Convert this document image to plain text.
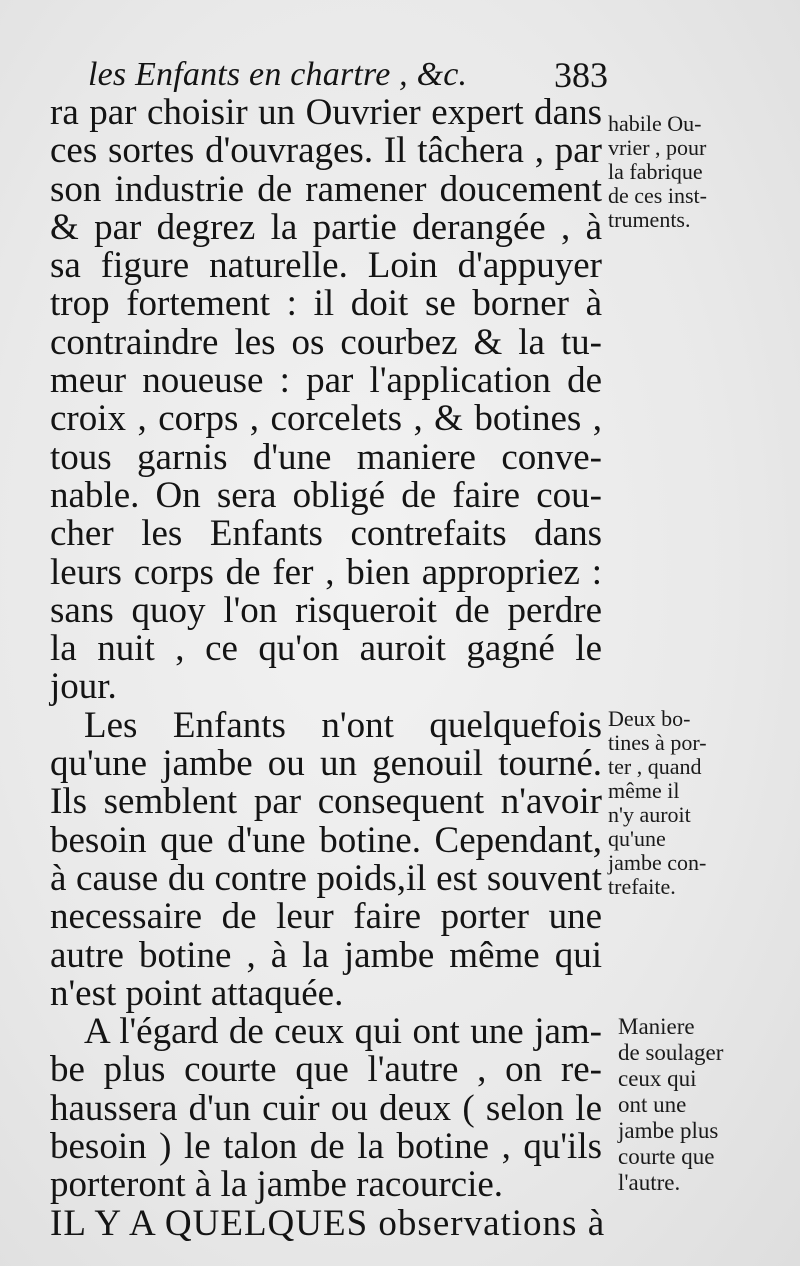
les Enfants en chartre , &c. 383
ra par choisir un Ouvrier expert dans
ces sortes d'ouvrages. Il tâchera , par
son industrie de ramener doucement
& par degrez la partie derangée , à
sa figure naturelle. Loin d'appuyer
trop fortement : il doit se borner à
contraindre les os courbez & la tu-
meur noueuse : par l'application de
croix , corps , corcelets , & botines ,
tous garnis d'une maniere conve-
nable. On sera obligé de faire cou-
cher les Enfants contrefaits dans
leurs corps de fer , bien appropriez :
sans quoy l'on risqueroit de perdre
la nuit , ce qu'on auroit gagné le
jour.
Les Enfants n'ont quelquefois
qu'une jambe ou un genouil tourné.
Ils semblent par consequent n'avoir
besoin que d'une botine. Cependant,
à cause du contre poids,il est souvent
necessaire de leur faire porter une
autre botine , à la jambe même qui
n'est point attaquée.
A l'égard de ceux qui ont une jam-
be plus courte que l'autre , on re-
haussera d'un cuir ou deux ( selon le
besoin ) le talon de la botine , qu'ils
porteront à la jambe racourcie.
IL Y A QUELQUES observations à
habile Ou-
vrier , pour
la fabrique
de ces inst-
truments.
Deux bo-
tines à por-
ter , quand
même il
n'y auroit
qu'une
jambe con-
trefaite.
Maniere
de soulager
ceux qui
ont une
jambe plus
courte que
l'autre.
